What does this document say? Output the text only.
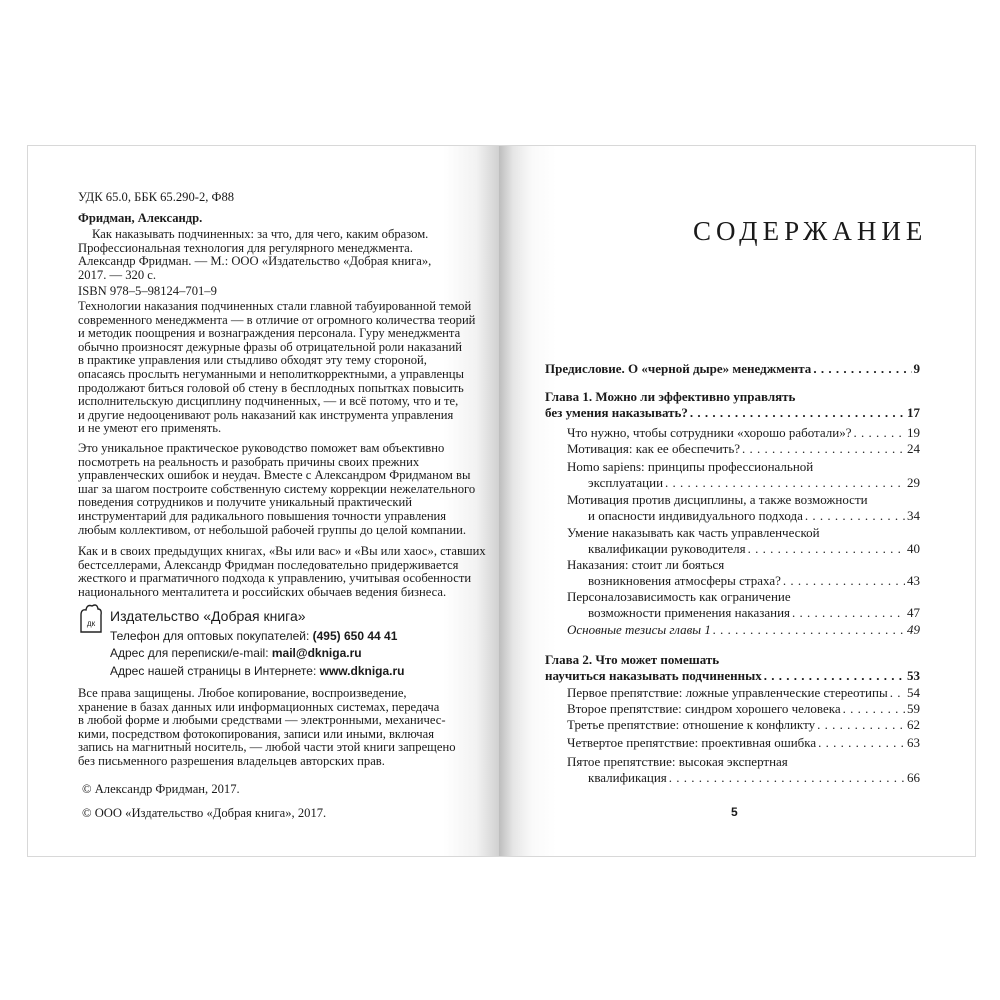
УДК 65.0, ББК 65.290-2, Ф88
Фридман, Александр.
Как наказывать подчиненных: за что, для чего, каким образом.
Профессиональная технология для регулярного менеджмента.
Александр Фридман. — М.: ООО «Издательство «Добрая книга»,
2017. — 320 с.
ISBN 978–5–98124–701–9
Технологии наказания подчиненных стали главной табуированной темой
современного менеджмента — в отличие от огромного количества теорий
и методик поощрения и вознаграждения персонала. Гуру менеджмента
обычно произносят дежурные фразы об отрицательной роли наказаний
в практике управления или стыдливо обходят эту тему стороной,
опасаясь прослыть негуманными и неполиткорректными, а управленцы
продолжают биться головой об стену в бесплодных попытках повысить
исполнительскую дисциплину подчиненных, — и всё потому, что и те,
и другие недооценивают роль наказаний как инструмента управления
и не умеют его применять.
Это уникальное практическое руководство поможет вам объективно
посмотреть на реальность и разобрать причины своих прежних
управленческих ошибок и неудач. Вместе с Александром Фридманом вы
шаг за шагом построите собственную систему коррекции нежелательного
поведения сотрудников и получите уникальный практический
инструментарий для радикального повышения точности управления
любым коллективом, от небольшой рабочей группы до целой компании.
Как и в своих предыдущих книгах, «Вы или вас» и «Вы или хаос», ставших
бестселлерами, Александр Фридман последовательно придерживается
жесткого и прагматичного подхода к управлению, учитывая особенности
национального менталитета и российских обычаев ведения бизнеса.
дк Издательство «Добрая книга»
Телефон для оптовых покупателей: (495) 650 44 41
Адрес для переписки/e-mail: mail@dkniga.ru
Адрес нашей страницы в Интернете: www.dkniga.ru
Все права защищены. Любое копирование, воспроизведение,
хранение в базах данных или информационных системах, передача
в любой форме и любыми средствами — электронными, механичес-
кими, посредством фотокопирования, записи или иными, включая
запись на магнитный носитель, — любой части этой книги запрещено
без письменного разрешения владельцев авторских прав.
© Александр Фридман, 2017.
© ООО «Издательство «Добрая книга», 2017.
СОДЕРЖАНИЕ
Предисловие. О «черной дыре» менеджмента . . .	9
Глава 1. Можно ли эффективно управлять
без умения наказывать? . . .	17
Что нужно, чтобы сотрудники «хорошо работали»? . . .	19
Мотивация: как ее обеспечить? . . .	24
Homo sapiens: принципы профессиональной
эксплуатации . . .	29
Мотивация против дисциплины, а также возможности
и опасности индивидуального подхода . . .	34
Умение наказывать как часть управленческой
квалификации руководителя . . .	40
Наказания: стоит ли бояться
возникновения атмосферы страха? . . .	43
Персоналозависимость как ограничение
возможности применения наказания . . .	47
Основные тезисы главы 1 . . .	49
Глава 2. Что может помешать
научиться наказывать подчиненных . . .	53
Первое препятствие: ложные управленческие стереотипы . . . 54
Второе препятствие: синдром хорошего человека . . .	59
Третье препятствие: отношение к конфликту . . .	62
Четвертое препятствие: проективная ошибка . . .	63
Пятое препятствие: высокая экспертная
квалификация . . .	66
5
